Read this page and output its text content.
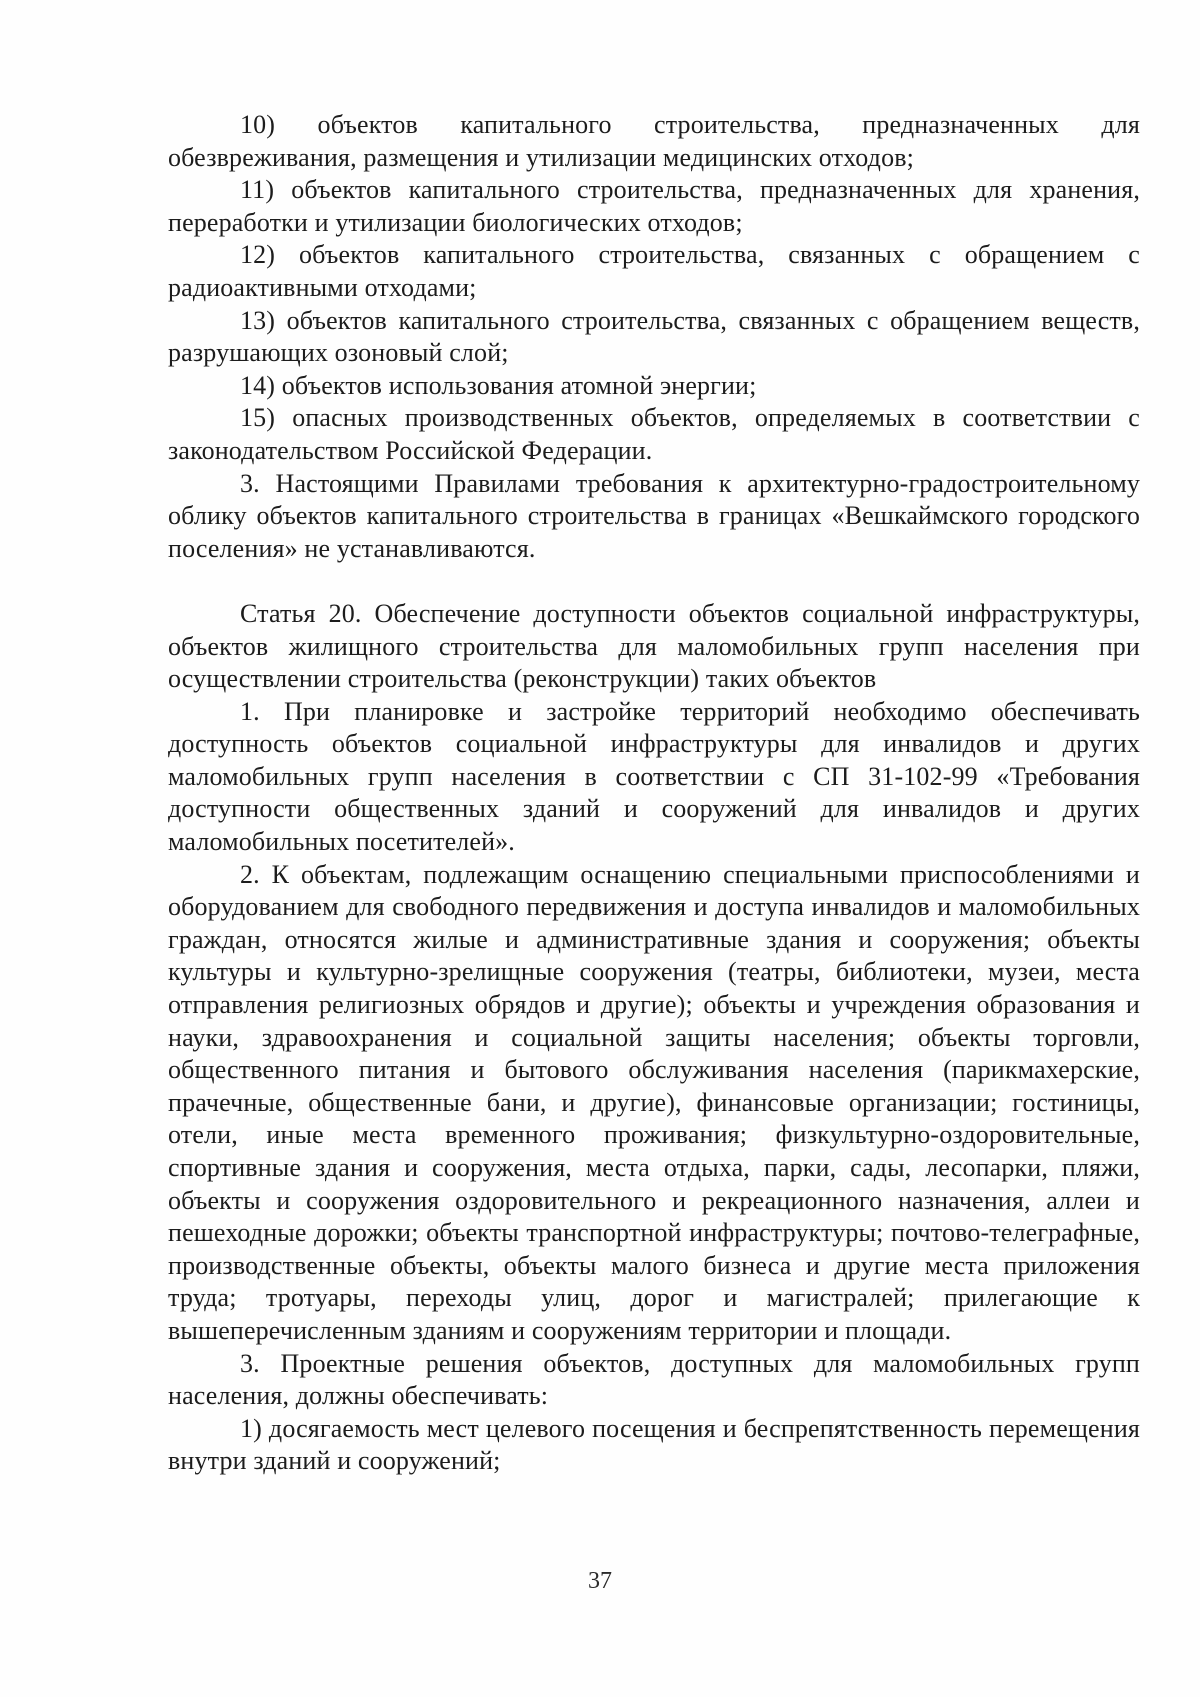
10) объектов капитального строительства, предназначенных для обезвреживания, размещения и утилизации медицинских отходов;

11) объектов капитального строительства, предназначенных для хранения, переработки и утилизации биологических отходов;

12) объектов капитального строительства, связанных с обращением с радиоактивными отходами;

13) объектов капитального строительства, связанных с обращением веществ, разрушающих озоновый слой;

14) объектов использования атомной энергии;

15) опасных производственных объектов, определяемых в соответствии с законодательством Российской Федерации.

3. Настоящими Правилами требования к архитектурно-градостроительному облику объектов капитального строительства в границах «Вешкаймского городского поселения» не устанавливаются.

Статья 20. Обеспечение доступности объектов социальной инфраструктуры, объектов жилищного строительства для маломобильных групп населения при осуществлении строительства (реконструкции) таких объектов

1. При планировке и застройке территорий необходимо обеспечивать доступность объектов социальной инфраструктуры для инвалидов и других маломобильных групп населения в соответствии с СП 31-102-99 «Требования доступности общественных зданий и сооружений для инвалидов и других маломобильных посетителей».

2. К объектам, подлежащим оснащению специальными приспособлениями и оборудованием для свободного передвижения и доступа инвалидов и маломобильных граждан, относятся жилые и административные здания и сооружения; объекты культуры и культурно-зрелищные сооружения (театры, библиотеки, музеи, места отправления религиозных обрядов и другие); объекты и учреждения образования и науки, здравоохранения и социальной защиты населения; объекты торговли, общественного питания и бытового обслуживания населения (парикмахерские, прачечные, общественные бани, и другие), финансовые организации; гостиницы, отели, иные места временного проживания; физкультурно-оздоровительные, спортивные здания и сооружения, места отдыха, парки, сады, лесопарки, пляжи, объекты и сооружения оздоровительного и рекреационного назначения, аллеи и пешеходные дорожки; объекты транспортной инфраструктуры; почтово-телеграфные, производственные объекты, объекты малого бизнеса и другие места приложения труда; тротуары, переходы улиц, дорог и магистралей; прилегающие к вышеперечисленным зданиям и сооружениям территории и площади.

3. Проектные решения объектов, доступных для маломобильных групп населения, должны обеспечивать:

1) досягаемость мест целевого посещения и беспрепятственность перемещения внутри зданий и сооружений;

37
